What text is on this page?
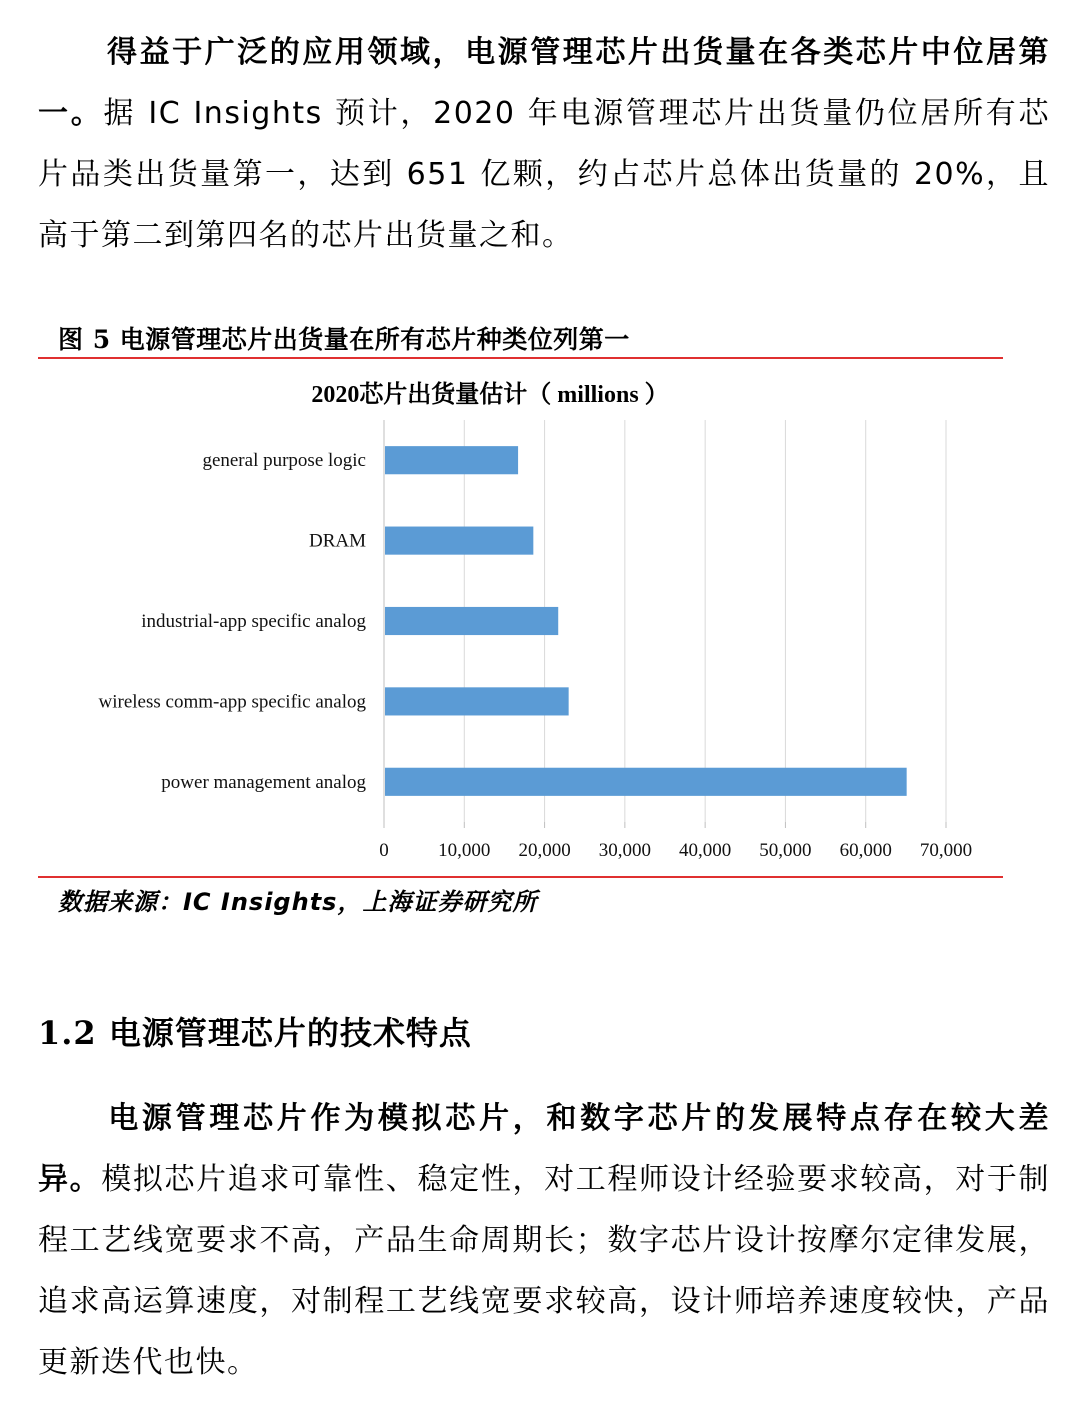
得益于广泛的应用领域，电源管理芯片出货量在各类芯片中位居第一。据 IC Insights 预计，2020 年电源管理芯片出货量仍位居所有芯片品类出货量第一，达到 651 亿颗，约占芯片总体出货量的 20%，且高于第二到第四名的芯片出货量之和。

图 5 电源管理芯片出货量在所有芯片种类位列第一

2020芯片出货量估计（ millions ）
general purpose logic
DRAM
industrial-app specific analog
wireless comm-app specific analog
power management analog
0	10,000 20,000 30,000 40,000 50,000 60,000 70,000

数据来源：IC Insights，上海证券研究所

1.2 电源管理芯片的技术特点

电源管理芯片作为模拟芯片，和数字芯片的发展特点存在较大差异。模拟芯片追求可靠性、稳定性，对工程师设计经验要求较高，对于制程工艺线宽要求不高，产品生命周期长；数字芯片设计按摩尔定律发展，追求高运算速度，对制程工艺线宽要求较高，设计师培养速度较快，产品更新迭代也快。
